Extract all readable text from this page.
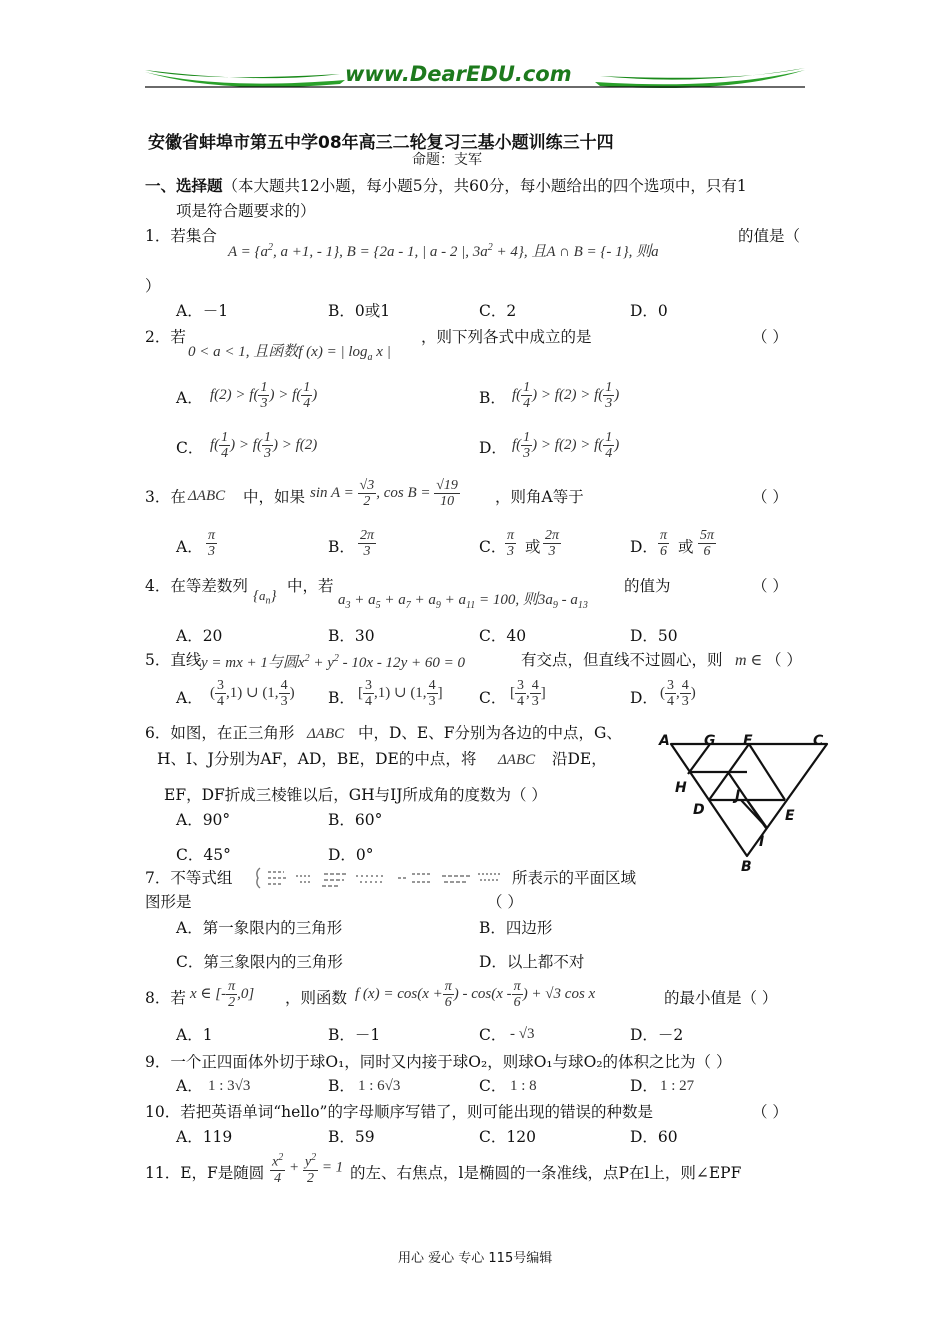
www.DearEDU.com
安徽省蚌埠市第五中学08年高三二轮复习三基小题训练三十四
命题：支军
一、选择题（本大题共12小题，每小题5分，共60分，每小题给出的四个选项中，只有1
项是符合题要求的）
1．若集合
$A = \{a^2$, a +1, - 1}, B = {2a - 1, | a - 2 |, $3a^2 + 4$}, 且A ∩ B = {- 1}, 则a
的值是（
）
A．－1	B．0或1	C．2	D．0
2．若
0 < a < 1, 且函数f (x) = | $\log_a x$ |
，则下列各式中成立的是	（ ）
A． $f(2) > f( \frac{1}{3}$ ) > $f( \frac{1}{4}$ )	B． $f( \frac{1}{4}$ ) > $f(2) > f( \frac{1}{3}$ )
C． $f( \frac{1}{4}$ ) > $f( \frac{1}{3}$ ) > f(2)	D． $f( \frac{1}{3}$ ) > $f(2) > f( \frac{1}{4}$ )
3．在 ΔABC 中，如果 $\sin A = \frac{√3}{2}$ , $\cos B = \frac{√19}{10}$ ，则角A等于	（ ）
A． $\frac{\pi}{3}$	B． $\frac{2\pi}{3}$	C．
$\frac{\pi}{3}$ 或 $\frac{2\pi}{3}$	D． $\frac{\pi}{6}$ 或 $\frac{5\pi}{6}$
4．在等差数列
$\{a_n\}$
中，若
$a_3 + a_5 + a_7 + a_9 + a_{11} = 100$, 则$3a_9 - a_{13}$
的值为	（ ）
A．20	B．30	C．40	D．50
5．直线 y = mx + 1与圆$x^2 + y^2 - 10x - 12y + 60 = 0$	有交点，但直线不过圆心，则 m ∈ （ ）
A． ( $\frac{3}{4} ,1$) ∪ (1, $\frac{4}{3}$ ) B． [ $\frac{3}{4} ,1$) ∪ (1, $\frac{4}{3}$ ] C． [ $\frac{3}{4}$ , $\frac{4}{3}$ ]	D． ( $\frac{3}{4}$ , $\frac{4}{3}$ )
6．如图，在正三角形 ΔABC 中，D、E、F分别为各边的中点，G、
H、I、J分别为AF，AD，BE，DE的中点，将 ΔABC 沿DE，
EF，DF折成三棱锥以后，GH与IJ所成角的度数为（ ）
A．90°	B．60°
C．45°	D．0°
A G F	C
H	J
D	E
I
B
7．不等式组	所表示的平面区域
图形是	（ ）
A．第一象限内的三角形	B．四边形
C．第三象限内的三角形	D．以上都不对
8．若 x ∈ [- $\frac{\pi}{2} ,0$] ，则函数 f $(x) = \cos(x + \frac{\pi}{6}$ ) - $\cos(x - \frac{\pi}{6}$ ) + √3 cos x	的最小值是（ ）
A．1	B．－1	C． - √3	D．－2
9．一个正四面体外切于球O₁，同时又内接于球O₂，则球O₁与球O₂的体积之比为（ ）
A． 1 : 3√3	B． 1 : 6√3	C． 1 : 8	D． 1 : 27
10．若把英语单词“hello”的字母顺序写错了，则可能出现的错误的种数是	（ ）
A．119	B．59	C．120	D．60
11．E，F是随圆 $\frac{x^2}{4} + \frac{y^2}{2} = 1$ 的左、右焦点，l是椭圆的一条准线，点P在l上，则∠EPF
用心 爱心 专心 115号编辑
